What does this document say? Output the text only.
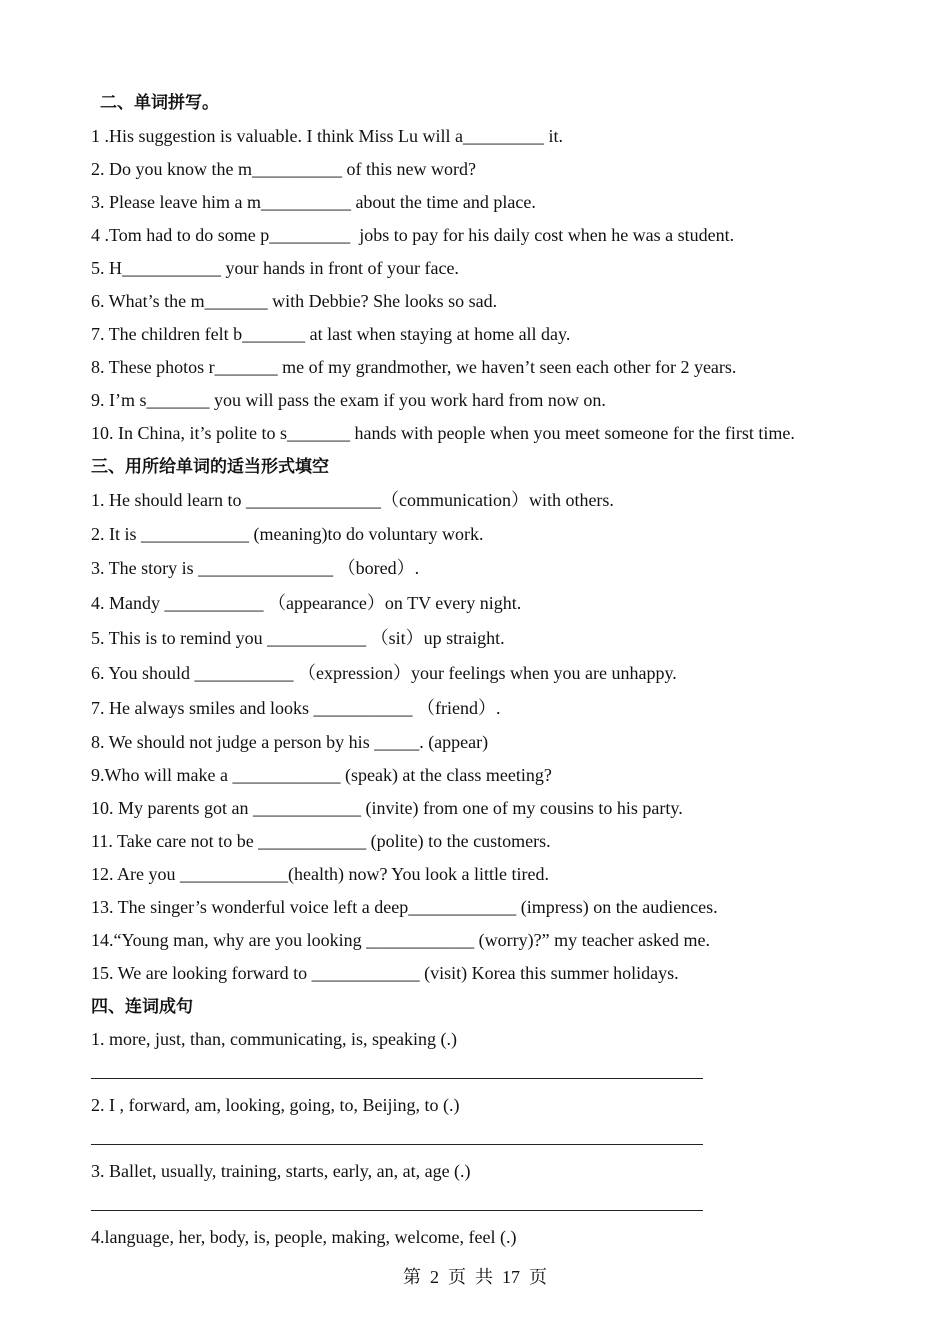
二、单词拼写。
1 .His suggestion is valuable. I think Miss Lu will a_________ it.
2. Do you know the m__________ of this new word?
3. Please leave him a m__________ about the time and place.
4 .Tom had to do some p_________  jobs to pay for his daily cost when he was a student.
5. H___________ your hands in front of your face.
6. What’s the m_______ with Debbie? She looks so sad.
7. The children felt b_______ at last when staying at home all day.
8. These photos r_______ me of my grandmother, we haven’t seen each other for 2 years.
9. I’m s_______ you will pass the exam if you work hard from now on.
10. In China, it’s polite to s_______ hands with people when you meet someone for the first time.
三、用所给单词的适当形式填空
1. He should learn to _______________（communication）with others.
2. It is ____________ (meaning)to do voluntary work.
3. The story is _______________ （bored）.
4. Mandy ___________ （appearance）on TV every night.
5. This is to remind you ___________ （sit）up straight.
6. You should ___________ （expression）your feelings when you are unhappy.
7. He always smiles and looks ___________ （friend）.
8. We should not judge a person by his _____. (appear)
9.Who will make a ____________ (speak) at the class meeting?
10. My parents got an ____________ (invite) from one of my cousins to his party.
11. Take care not to be ____________ (polite) to the customers.
12. Are you ____________(health) now? You look a little tired.
13. The singer’s wonderful voice left a deep____________ (impress) on the audiences.
14.“Young man, why are you looking ____________ (worry)?” my teacher asked me.
15. We are looking forward to ____________ (visit) Korea this summer holidays.
四、连词成句
1. more, just, than, communicating, is, speaking (.)
2. I , forward, am, looking, going, to, Beijing, to (.)
3. Ballet, usually, training, starts, early, an, at, age (.)
4.language, her, body, is, people, making, welcome, feel (.)
第  2  页  共  17  页
